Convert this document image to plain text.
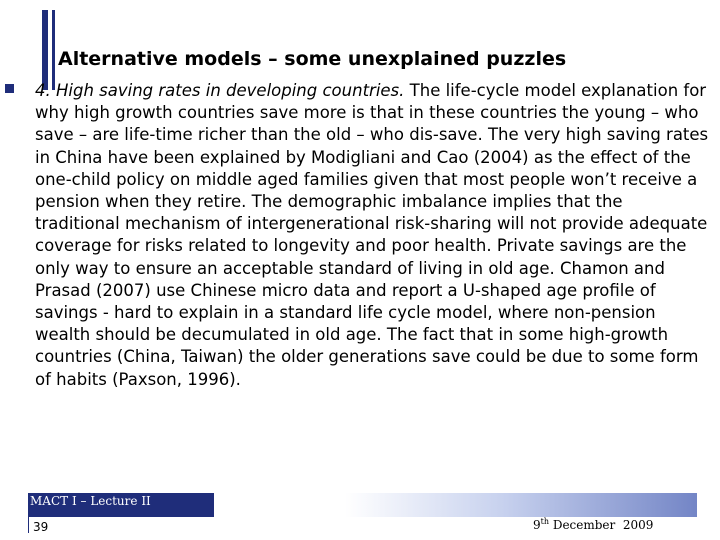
Alternative models – some unexplained puzzles
4. High saving rates in developing countries. The life-cycle model explanation for why high growth countries save more is that in these countries the young – who save – are life-time richer than the old – who dis-save. The very high saving rates in China have been explained by Modigliani and Cao (2004) as the effect of the one-child policy on middle aged families given that most people won’t receive a pension when they retire. The demographic imbalance implies that the traditional mechanism of intergenerational risk-sharing will not provide adequate coverage for risks related to longevity and poor health. Private savings are the only way to ensure an acceptable standard of living in old age. Chamon and Prasad (2007) use Chinese micro data and report a U-shaped age profile of savings - hard to explain in a standard life cycle model, where non-pension wealth should be decumulated in old age. The fact that in some high-growth countries (China, Taiwan) the older generations save could be due to some form of habits (Paxson, 1996).
MACT I – Lecture II
39	9th December  2009
